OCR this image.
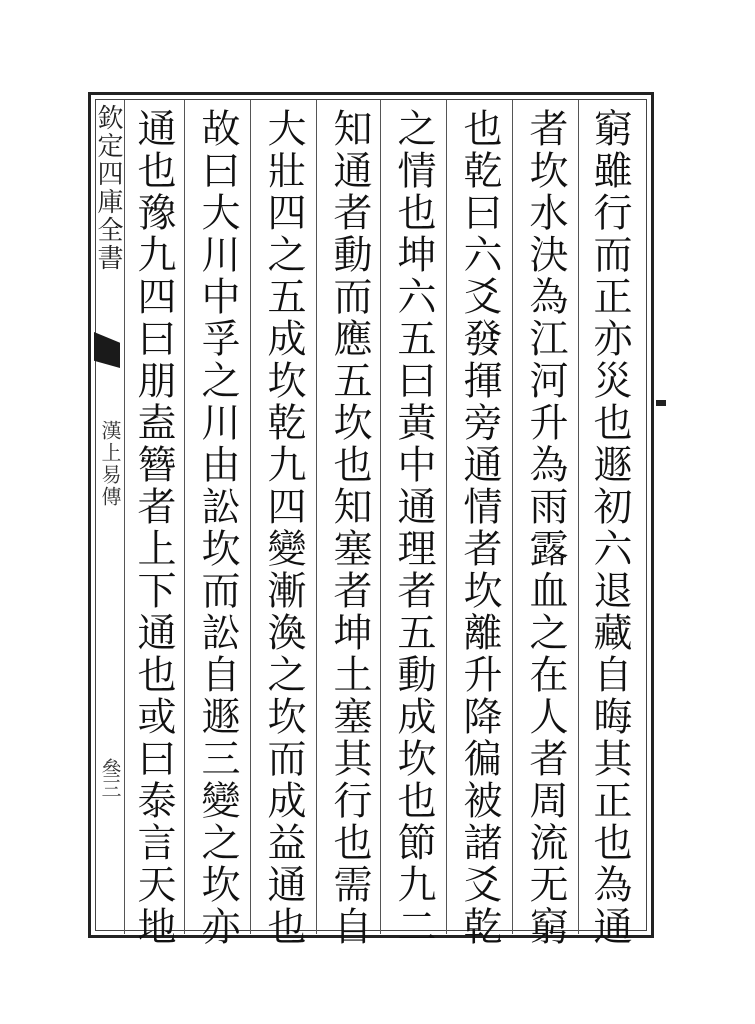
欽定四庫全書
漢上易傳
叄三	窮雖行而正亦災也遯初六退藏自晦其正也為通
者坎水決為江河升為雨露血之在人者周流无窮
也乾曰六爻發揮旁通情者坎離升降徧被諸爻乾
之情也坤六五曰黃中通理者五動成坎也節九二
知通者動而應五坎也知塞者坤土塞其行也需自
大壯四之五成坎乾九四變漸渙之坎而成益通也
故曰大川中孚之川由訟坎而訟自遯三變之坎亦
通也豫九四曰朋盍簪者上下通也或曰泰言天地
